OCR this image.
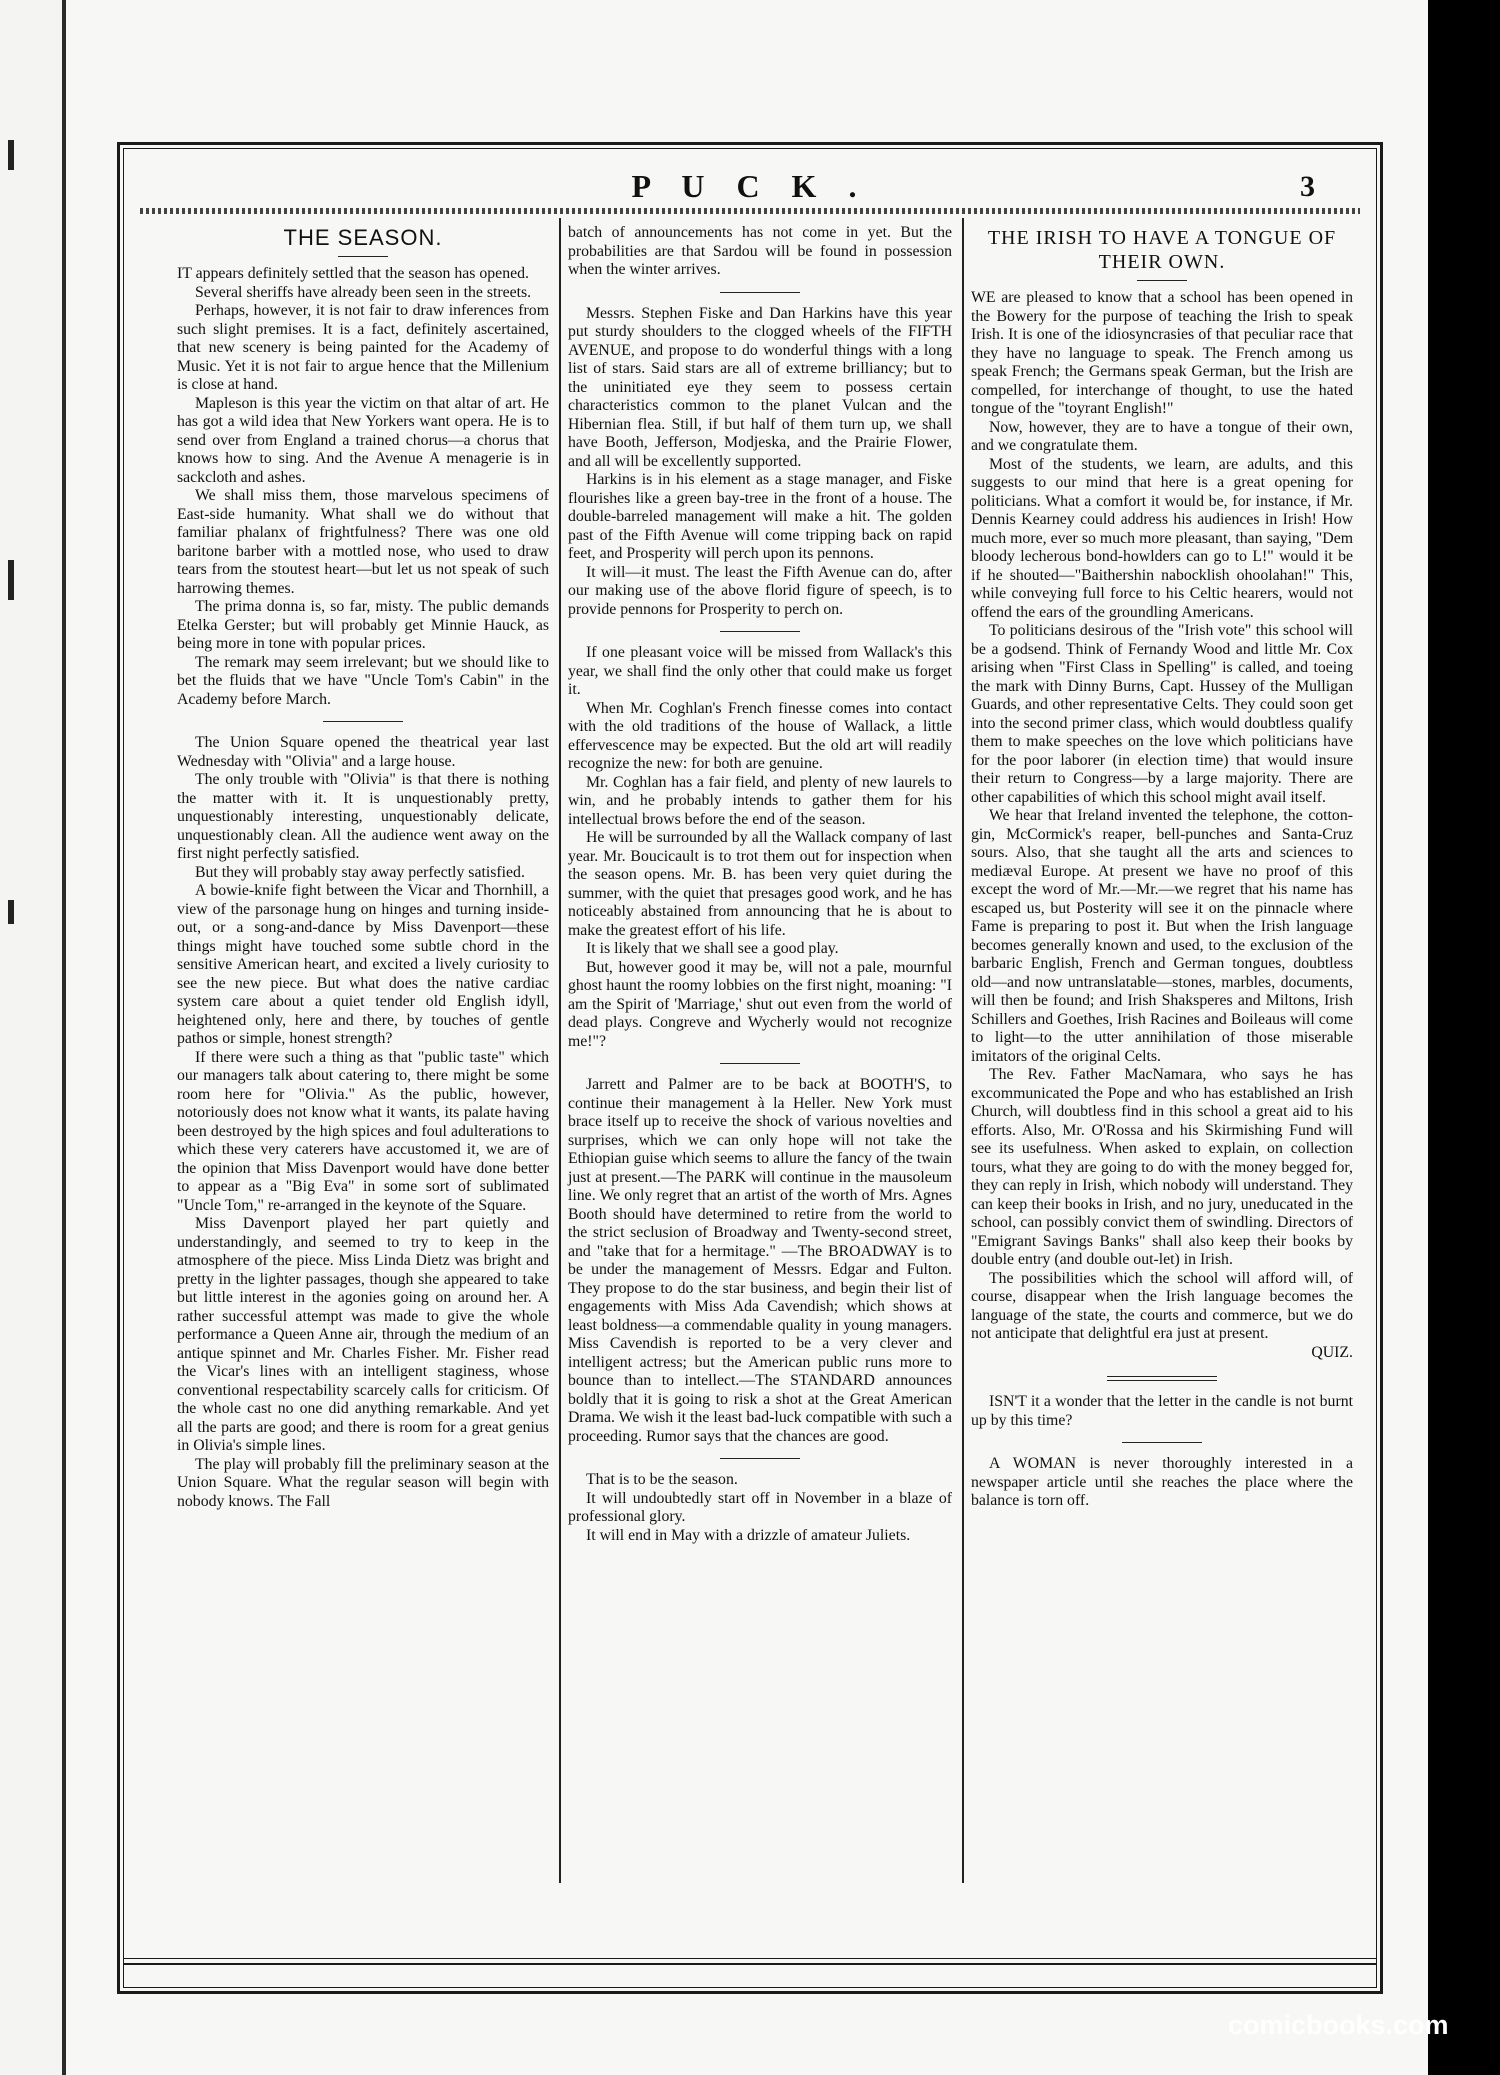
P U C K .	3
THE SEASON.

IT appears definitely settled that the season has opened.

Several sheriffs have already been seen in the streets.

Perhaps, however, it is not fair to draw inferences from such slight premises. It is a fact, definitely ascertained, that new scenery is being painted for the Academy of Music. Yet it is not fair to argue hence that the Millenium is close at hand.

Mapleson is this year the victim on that altar of art. He has got a wild idea that New Yorkers want opera. He is to send over from England a trained chorus—a chorus that knows how to sing. And the Avenue A menagerie is in sackcloth and ashes.

We shall miss them, those marvelous specimens of East-side humanity. What shall we do without that familiar phalanx of frightfulness? There was one old baritone barber with a mottled nose, who used to draw tears from the stoutest heart—but let us not speak of such harrowing themes.

The prima donna is, so far, misty. The public demands Etelka Gerster; but will probably get Minnie Hauck, as being more in tone with popular prices.

The remark may seem irrelevant; but we should like to bet the fluids that we have "Uncle Tom's Cabin" in the Academy before March.

The Union Square opened the theatrical year last Wednesday with "Olivia" and a large house.

The only trouble with "Olivia" is that there is nothing the matter with it. It is unquestionably pretty, unquestionably interesting, unquestionably delicate, unquestionably clean. All the audience went away on the first night perfectly satisfied.

But they will probably stay away perfectly satisfied.

A bowie-knife fight between the Vicar and Thornhill, a view of the parsonage hung on hinges and turning inside-out, or a song-and-dance by Miss Davenport—these things might have touched some subtle chord in the sensitive American heart, and excited a lively curiosity to see the new piece. But what does the native cardiac system care about a quiet tender old English idyll, heightened only, here and there, by touches of gentle pathos or simple, honest strength?

If there were such a thing as that "public taste" which our managers talk about catering to, there might be some room here for "Olivia." As the public, however, notoriously does not know what it wants, its palate having been destroyed by the high spices and foul adulterations to which these very caterers have accustomed it, we are of the opinion that Miss Davenport would have done better to appear as a "Big Eva" in some sort of sublimated "Uncle Tom," re-arranged in the keynote of the Square.

Miss Davenport played her part quietly and understandingly, and seemed to try to keep in the atmosphere of the piece. Miss Linda Dietz was bright and pretty in the lighter passages, though she appeared to take but little interest in the agonies going on around her. A rather successful attempt was made to give the whole performance a Queen Anne air, through the medium of an antique spinnet and Mr. Charles Fisher. Mr. Fisher read the Vicar's lines with an intelligent staginess, whose conventional respectability scarcely calls for criticism. Of the whole cast no one did anything remarkable. And yet all the parts are good; and there is room for a great genius in Olivia's simple lines.

The play will probably fill the preliminary season at the Union Square. What the regular season will begin with nobody knows. The Fall

batch of announcements has not come in yet. But the probabilities are that Sardou will be found in possession when the winter arrives.

Messrs. Stephen Fiske and Dan Harkins have this year put sturdy shoulders to the clogged wheels of the FIFTH AVENUE, and propose to do wonderful things with a long list of stars. Said stars are all of extreme brilliancy; but to the uninitiated eye they seem to possess certain characteristics common to the planet Vulcan and the Hibernian flea. Still, if but half of them turn up, we shall have Booth, Jefferson, Modjeska, and the Prairie Flower, and all will be excellently supported.

Harkins is in his element as a stage manager, and Fiske flourishes like a green bay-tree in the front of a house. The double-barreled management will make a hit. The golden past of the Fifth Avenue will come tripping back on rapid feet, and Prosperity will perch upon its pennons.

It will—it must. The least the Fifth Avenue can do, after our making use of the above florid figure of speech, is to provide pennons for Prosperity to perch on.

If one pleasant voice will be missed from Wallack's this year, we shall find the only other that could make us forget it.

When Mr. Coghlan's French finesse comes into contact with the old traditions of the house of Wallack, a little effervescence may be expected. But the old art will readily recognize the new: for both are genuine.

Mr. Coghlan has a fair field, and plenty of new laurels to win, and he probably intends to gather them for his intellectual brows before the end of the season.

He will be surrounded by all the Wallack company of last year. Mr. Boucicault is to trot them out for inspection when the season opens. Mr. B. has been very quiet during the summer, with the quiet that presages good work, and he has noticeably abstained from announcing that he is about to make the greatest effort of his life.

It is likely that we shall see a good play.

But, however good it may be, will not a pale, mournful ghost haunt the roomy lobbies on the first night, moaning: "I am the Spirit of 'Marriage,' shut out even from the world of dead plays. Congreve and Wycherly would not recognize me!"?

Jarrett and Palmer are to be back at BOOTH'S, to continue their management à la Heller. New York must brace itself up to receive the shock of various novelties and surprises, which we can only hope will not take the Ethiopian guise which seems to allure the fancy of the twain just at present.—The PARK will continue in the mausoleum line. We only regret that an artist of the worth of Mrs. Agnes Booth should have determined to retire from the world to the strict seclusion of Broadway and Twenty-second street, and "take that for a hermitage." —The BROADWAY is to be under the management of Messrs. Edgar and Fulton. They propose to do the star business, and begin their list of engagements with Miss Ada Cavendish; which shows at least boldness—a commendable quality in young managers. Miss Cavendish is reported to be a very clever and intelligent actress; but the American public runs more to bounce than to intellect.—The STANDARD announces boldly that it is going to risk a shot at the Great American Drama. We wish it the least bad-luck compatible with such a proceeding. Rumor says that the chances are good.

That is to be the season.

It will undoubtedly start off in November in a blaze of professional glory.

It will end in May with a drizzle of amateur Juliets.

THE IRISH TO HAVE A TONGUE OF
THEIR OWN.

WE are pleased to know that a school has been opened in the Bowery for the purpose of teaching the Irish to speak Irish. It is one of the idiosyncrasies of that peculiar race that they have no language to speak. The French among us speak French; the Germans speak German, but the Irish are compelled, for interchange of thought, to use the hated tongue of the "toyrant English!"

Now, however, they are to have a tongue of their own, and we congratulate them.

Most of the students, we learn, are adults, and this suggests to our mind that here is a great opening for politicians. What a comfort it would be, for instance, if Mr. Dennis Kearney could address his audiences in Irish! How much more, ever so much more pleasant, than saying, "Dem bloody lecherous bond-howlders can go to L!" would it be if he shouted—"Baithershin nabocklish ohoolahan!" This, while conveying full force to his Celtic hearers, would not offend the ears of the groundling Americans.

To politicians desirous of the "Irish vote" this school will be a godsend. Think of Fernandy Wood and little Mr. Cox arising when "First Class in Spelling" is called, and toeing the mark with Dinny Burns, Capt. Hussey of the Mulligan Guards, and other representative Celts. They could soon get into the second primer class, which would doubtless qualify them to make speeches on the love which politicians have for the poor laborer (in election time) that would insure their return to Congress—by a large majority. There are other capabilities of which this school might avail itself.

We hear that Ireland invented the telephone, the cotton-gin, McCormick's reaper, bell-punches and Santa-Cruz sours. Also, that she taught all the arts and sciences to mediæval Europe. At present we have no proof of this except the word of Mr.—Mr.—we regret that his name has escaped us, but Posterity will see it on the pinnacle where Fame is preparing to post it. But when the Irish language becomes generally known and used, to the exclusion of the barbaric English, French and German tongues, doubtless old—and now untranslatable—stones, marbles, documents, will then be found; and Irish Shaksperes and Miltons, Irish Schillers and Goethes, Irish Racines and Boileaus will come to light—to the utter annihilation of those miserable imitators of the original Celts.

The Rev. Father MacNamara, who says he has excommunicated the Pope and who has established an Irish Church, will doubtless find in this school a great aid to his efforts. Also, Mr. O'Rossa and his Skirmishing Fund will see its usefulness. When asked to explain, on collection tours, what they are going to do with the money begged for, they can reply in Irish, which nobody will understand. They can keep their books in Irish, and no jury, uneducated in the school, can possibly convict them of swindling. Directors of "Emigrant Savings Banks" shall also keep their books by double entry (and double out-let) in Irish.

The possibilities which the school will afford will, of course, disappear when the Irish language becomes the language of the state, the courts and commerce, but we do not anticipate that delightful era just at present.

QUIZ.

ISN'T it a wonder that the letter in the candle is not burnt up by this time?

A WOMAN is never thoroughly interested in a newspaper article until she reaches the place where the balance is torn off.

comicbooks.com
